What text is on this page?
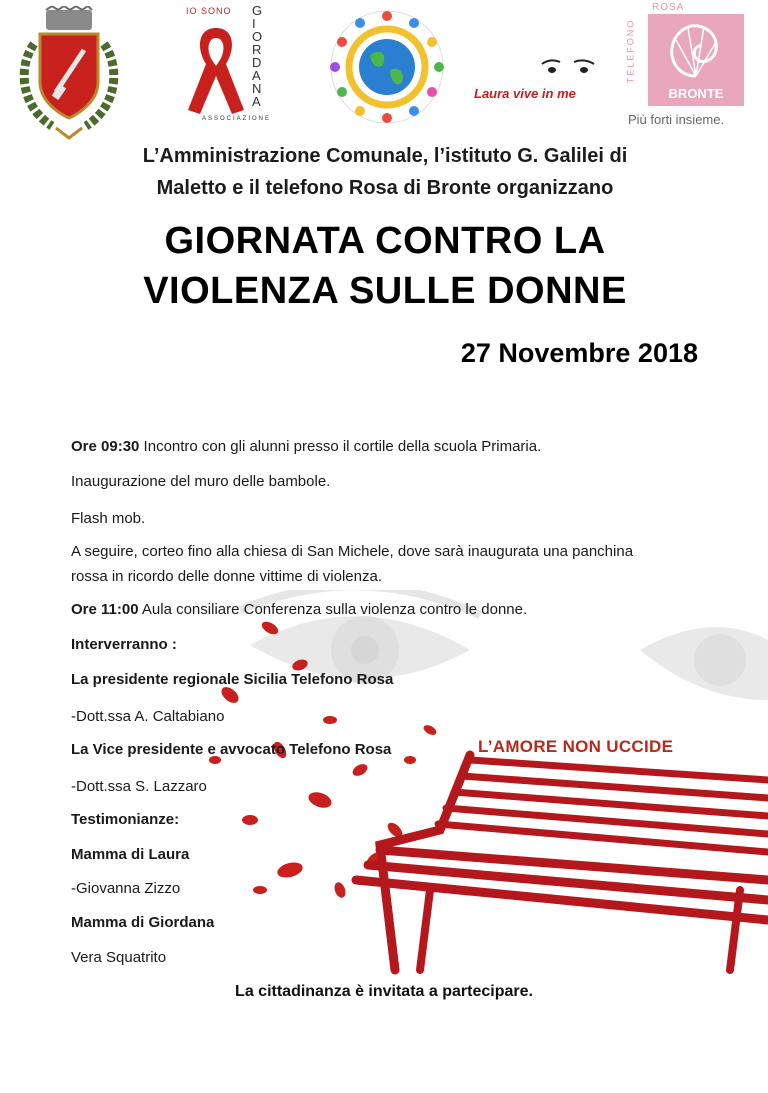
IO SONO GIORDANA
ASSOCIAZIONE
Laura vive in me
ROSA
TELEFONO
BRONTE
Più forti insieme.
L’Amministrazione Comunale, l’istituto G. Galilei di
Maletto e il telefono Rosa di Bronte organizzano
GIORNATA CONTRO LA
VIOLENZA SULLE DONNE
27 Novembre 2018
L’AMORE NON UCCIDE

Ore 09:30 Incontro con gli alunni presso il cortile della scuola Primaria.

Inaugurazione del muro delle bambole.

Flash mob.

A seguire, corteo fino alla chiesa di San Michele, dove sarà inaugurata una panchina

rossa in ricordo delle donne vittime di violenza.

Ore 11:00 Aula consiliare Conferenza sulla violenza contro le donne.

Interverranno :

La presidente regionale Sicilia Telefono Rosa

-Dott.ssa A. Caltabiano

La Vice presidente e avvocato Telefono Rosa

-Dott.ssa S. Lazzaro

Testimonianze:

Mamma di Laura

-Giovanna Zizzo

Mamma di Giordana

Vera Squatrito

La cittadinanza è invitata a partecipare.
